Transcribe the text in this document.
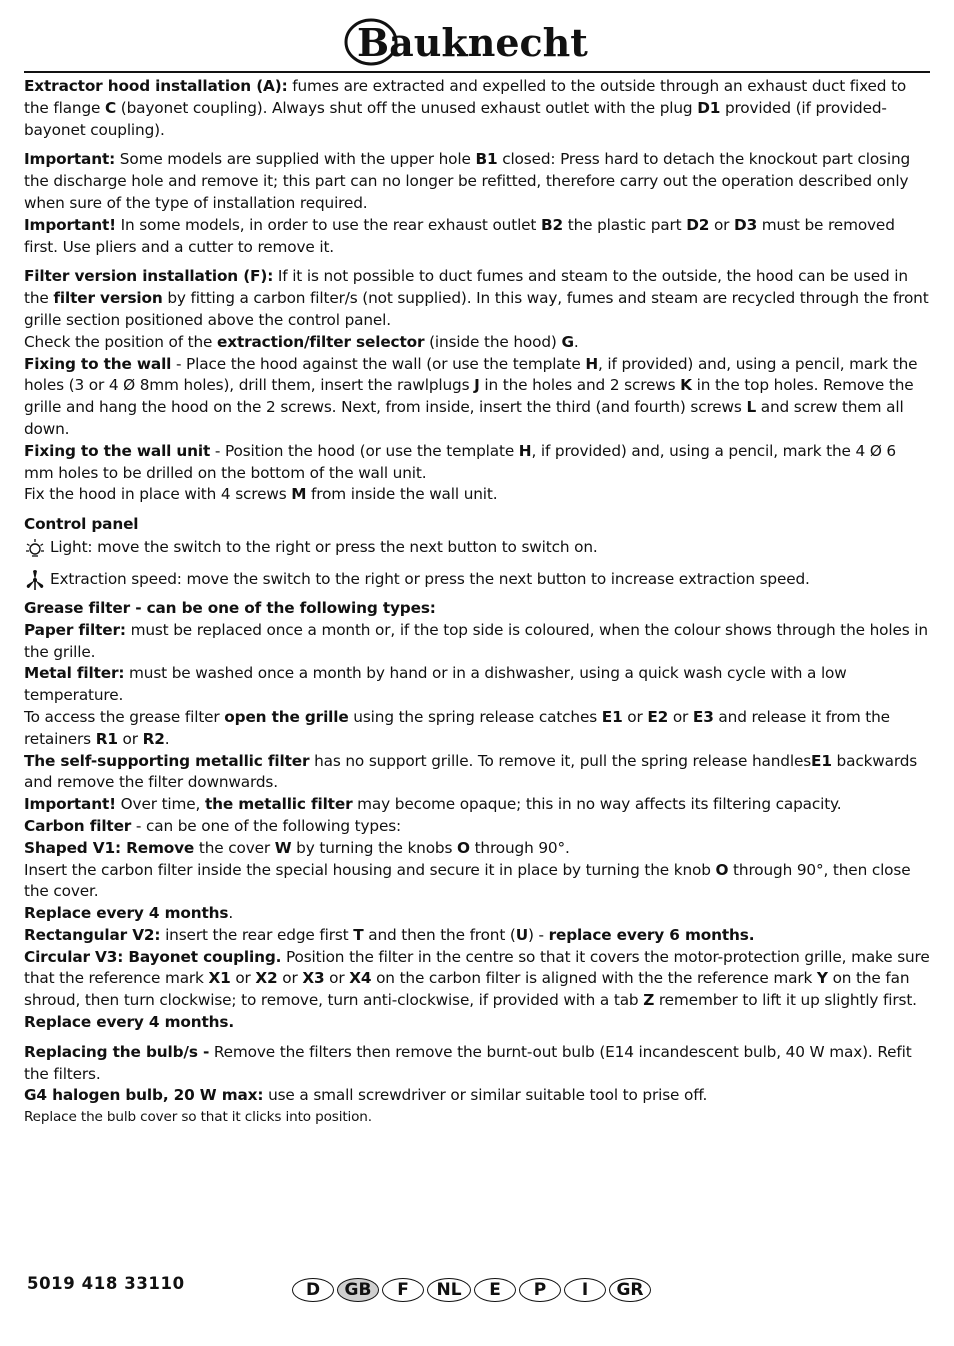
Bauknecht

Extractor hood installation (A): fumes are extracted and expelled to the outside through an exhaust duct fixed to the flange C (bayonet coupling). Always shut off the unused exhaust outlet with the plug D1 provided (if provided- bayonet coupling).

Important: Some models are supplied with the upper hole B1 closed: Press hard to detach the knockout part closing the discharge hole and remove it; this part can no longer be refitted, therefore carry out the operation described only when sure of the type of installation required.

Important! In some models, in order to use the rear exhaust outlet B2 the plastic part D2 or D3 must be removed first. Use pliers and a cutter to remove it.

Filter version installation (F): If it is not possible to duct fumes and steam to the outside, the hood can be used in the filter version by fitting a carbon filter/s (not supplied). In this way, fumes and steam are recycled through the front grille section positioned above the control panel.

Check the position of the extraction/filter selector (inside the hood) G.

Fixing to the wall - Place the hood against the wall (or use the template H, if provided) and, using a pencil, mark the holes (3 or 4 Ø 8mm holes), drill them, insert the rawlplugs J in the holes and 2 screws K in the top holes. Remove the grille and hang the hood on the 2 screws. Next, from inside, insert the third (and fourth) screws L and screw them all down.

Fixing to the wall unit - Position the hood (or use the template H, if provided) and, using a pencil, mark the 4 Ø 6 mm holes to be drilled on the bottom of the wall unit.

Fix the hood in place with 4 screws M from inside the wall unit.

Control panel

Light: move the switch to the right or press the next button to switch on.

Extraction speed: move the switch to the right or press the next button to increase extraction speed.

Grease filter - can be one of the following types:

Paper filter: must be replaced once a month or, if the top side is coloured, when the colour shows through the holes in the grille.

Metal filter: must be washed once a month by hand or in a dishwasher, using a quick wash cycle with a low temperature.

To access the grease filter open the grille using the spring release catches E1 or E2 or E3 and release it from the retainers R1 or R2.

The self-supporting metallic filter has no support grille. To remove it, pull the spring release handlesE1 backwards and remove the filter downwards.

Important! Over time, the metallic filter may become opaque; this in no way affects its filtering capacity.

Carbon filter - can be one of the following types:

Shaped V1: Remove the cover W by turning the knobs O through 90°.

Insert the carbon filter inside the special housing and secure it in place by turning the knob O through 90°, then close the cover.

Replace every 4 months.

Rectangular V2: insert the rear edge first T and then the front (U) - replace every 6 months.

Circular V3: Bayonet coupling. Position the filter in the centre so that it covers the motor-protection grille, make sure that the reference mark X1 or X2 or X3 or X4 on the carbon filter is aligned with the the reference mark Y on the fan shroud, then turn clockwise; to remove, turn anti-clockwise, if provided with a tab Z remember to lift it up slightly first. Replace every 4 months.

Replacing the bulb/s - Remove the filters then remove the burnt-out bulb (E14 incandescent bulb, 40 W max). Refit the filters.

G4 halogen bulb, 20 W max: use a small screwdriver or similar suitable tool to prise off.

Replace the bulb cover so that it clicks into position.

5019 418 33110	D	GB	F	NL	E	P	I	GR
